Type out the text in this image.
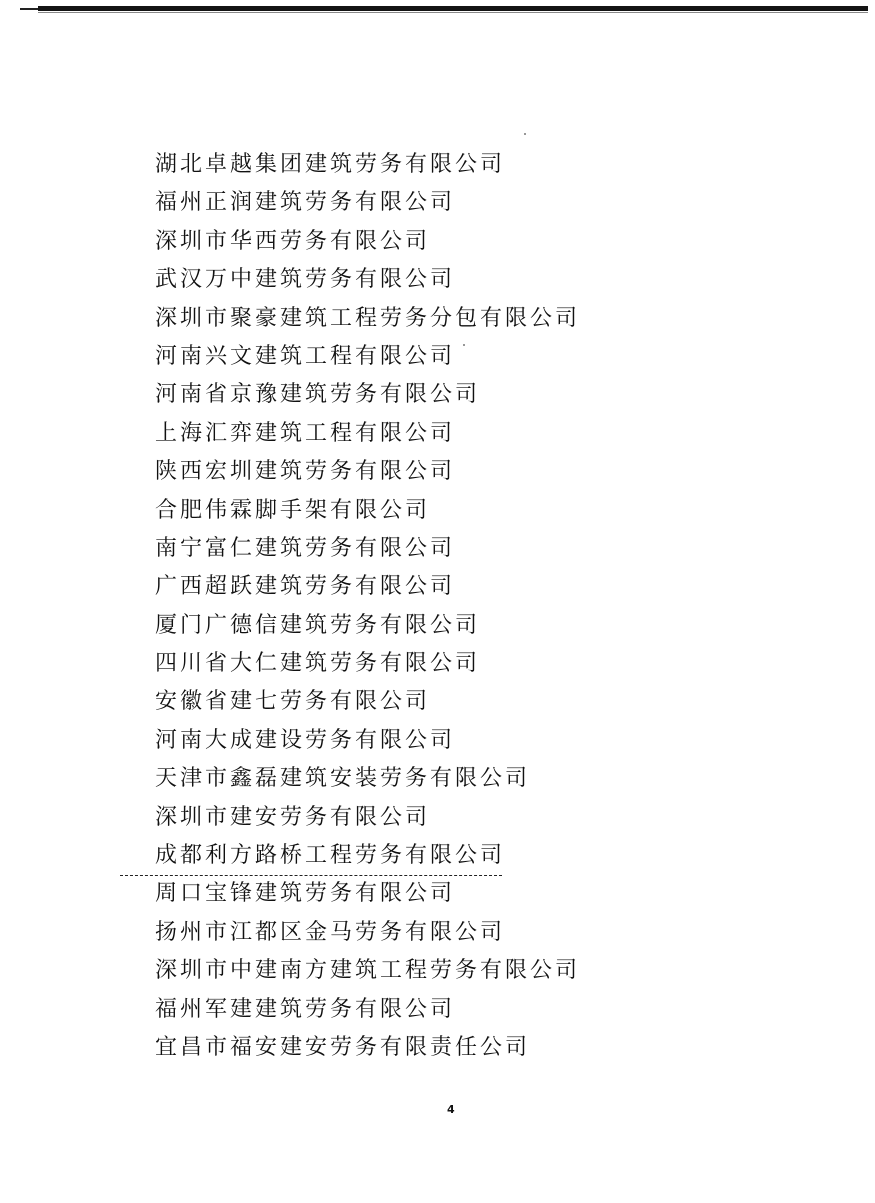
湖北卓越集团建筑劳务有限公司
福州正润建筑劳务有限公司
深圳市华西劳务有限公司
武汉万中建筑劳务有限公司
深圳市聚豪建筑工程劳务分包有限公司
河南兴文建筑工程有限公司
河南省京豫建筑劳务有限公司
上海汇弈建筑工程有限公司
陕西宏圳建筑劳务有限公司
合肥伟霖脚手架有限公司
南宁富仁建筑劳务有限公司
广西超跃建筑劳务有限公司
厦门广德信建筑劳务有限公司
四川省大仁建筑劳务有限公司
安徽省建七劳务有限公司
河南大成建设劳务有限公司
天津市鑫磊建筑安装劳务有限公司
深圳市建安劳务有限公司
成都利方路桥工程劳务有限公司
周口宝锋建筑劳务有限公司
扬州市江都区金马劳务有限公司
深圳市中建南方建筑工程劳务有限公司
福州军建建筑劳务有限公司
宜昌市福安建安劳务有限责任公司
4
